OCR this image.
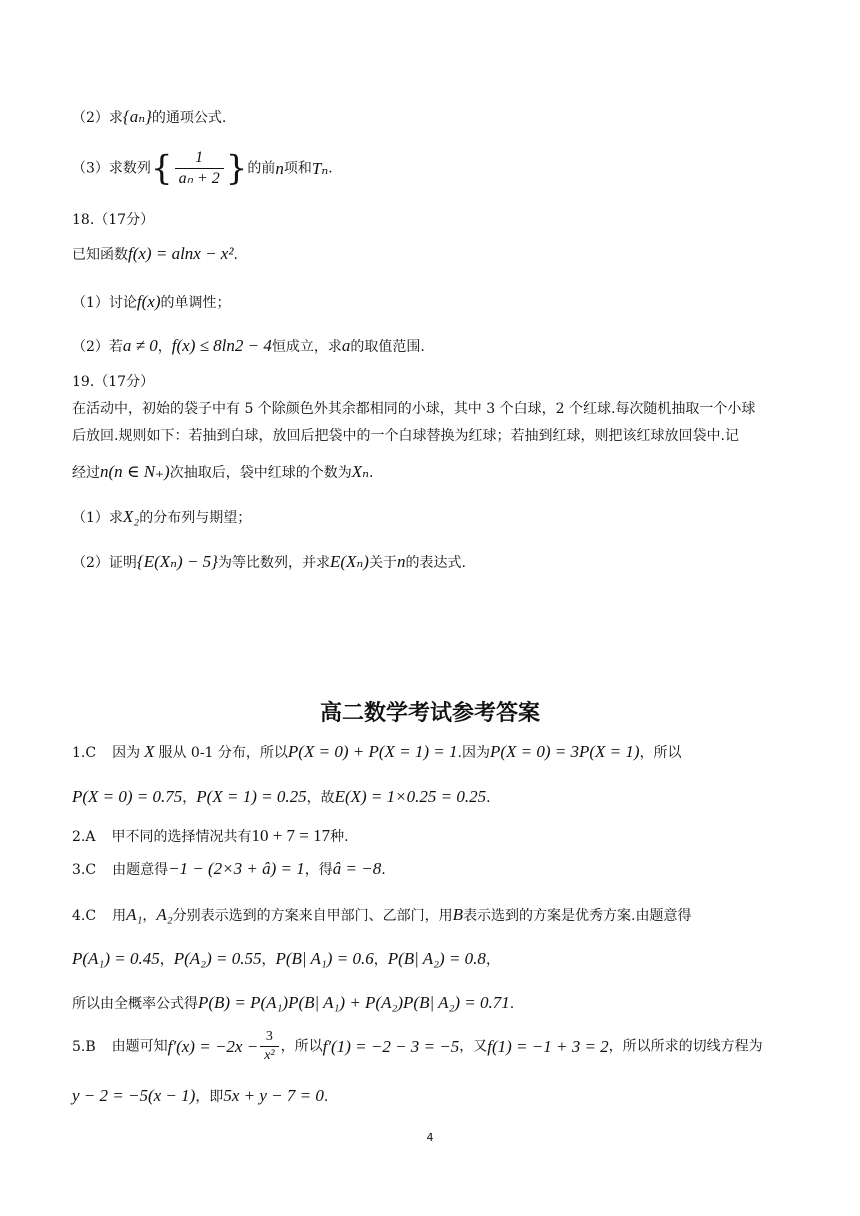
（2）求{aₙ}的通项公式.
（3）求数列{ $\frac{1}{\text{aₙ + 2}}$ }的前n项和Tₙ.
18.（17分）
已知函数f(x) = alnx − x².
（1）讨论f(x)的单调性；
（2）若a ≠ 0，f(x) ≤ 8ln2 − 4恒成立，求a的取值范围.
19.（17分）
在活动中，初始的袋子中有 5 个除颜色外其余都相同的小球，其中 3 个白球，2 个红球.每次随机抽取一个小球
后放回.规则如下：若抽到白球，放回后把袋中的一个白球替换为红球；若抽到红球，则把该红球放回袋中.记
经过n(n ∈ N₊)次抽取后，袋中红球的个数为Xₙ.
（1）求X₂的分布列与期望；
（2）证明{E(Xₙ) − 5}为等比数列，并求E(Xₙ)关于n的表达式.
高二数学考试参考答案
1.C 因为 X 服从 0-1 分布，所以P(X = 0) + P(X = 1) = 1.因为P(X = 0) = 3P(X = 1)，所以
P(X = 0) = 0.75，P(X = 1) = 0.25，故E(X) = 1×0.25 = 0.25.
2.A 甲不同的选择情况共有10 + 7 = 17种.
3.C 由题意得−1 − (2×3 + â) = 1，得â = −8.
4.C 用A₁，A₂分别表示选到的方案来自甲部门、乙部门，用B表示选到的方案是优秀方案.由题意得
P(A₁) = 0.45，P(A₂) = 0.55，P(B| A₁) = 0.6，P(B| A₂) = 0.8，
所以由全概率公式得P(B) = P(A₁)P(B| A₁) + P(A₂)P(B| A₂) = 0.71.
5.B 由题可知$f'(x) = -2x - \frac{3}{\text{x²}}$ ，所以f′(1) = −2 − 3 = −5，又f(1) = −1 + 3 = 2，所以所求的切线方程为
y − 2 = −5(x − 1)，即5x + y − 7 = 0.
4
